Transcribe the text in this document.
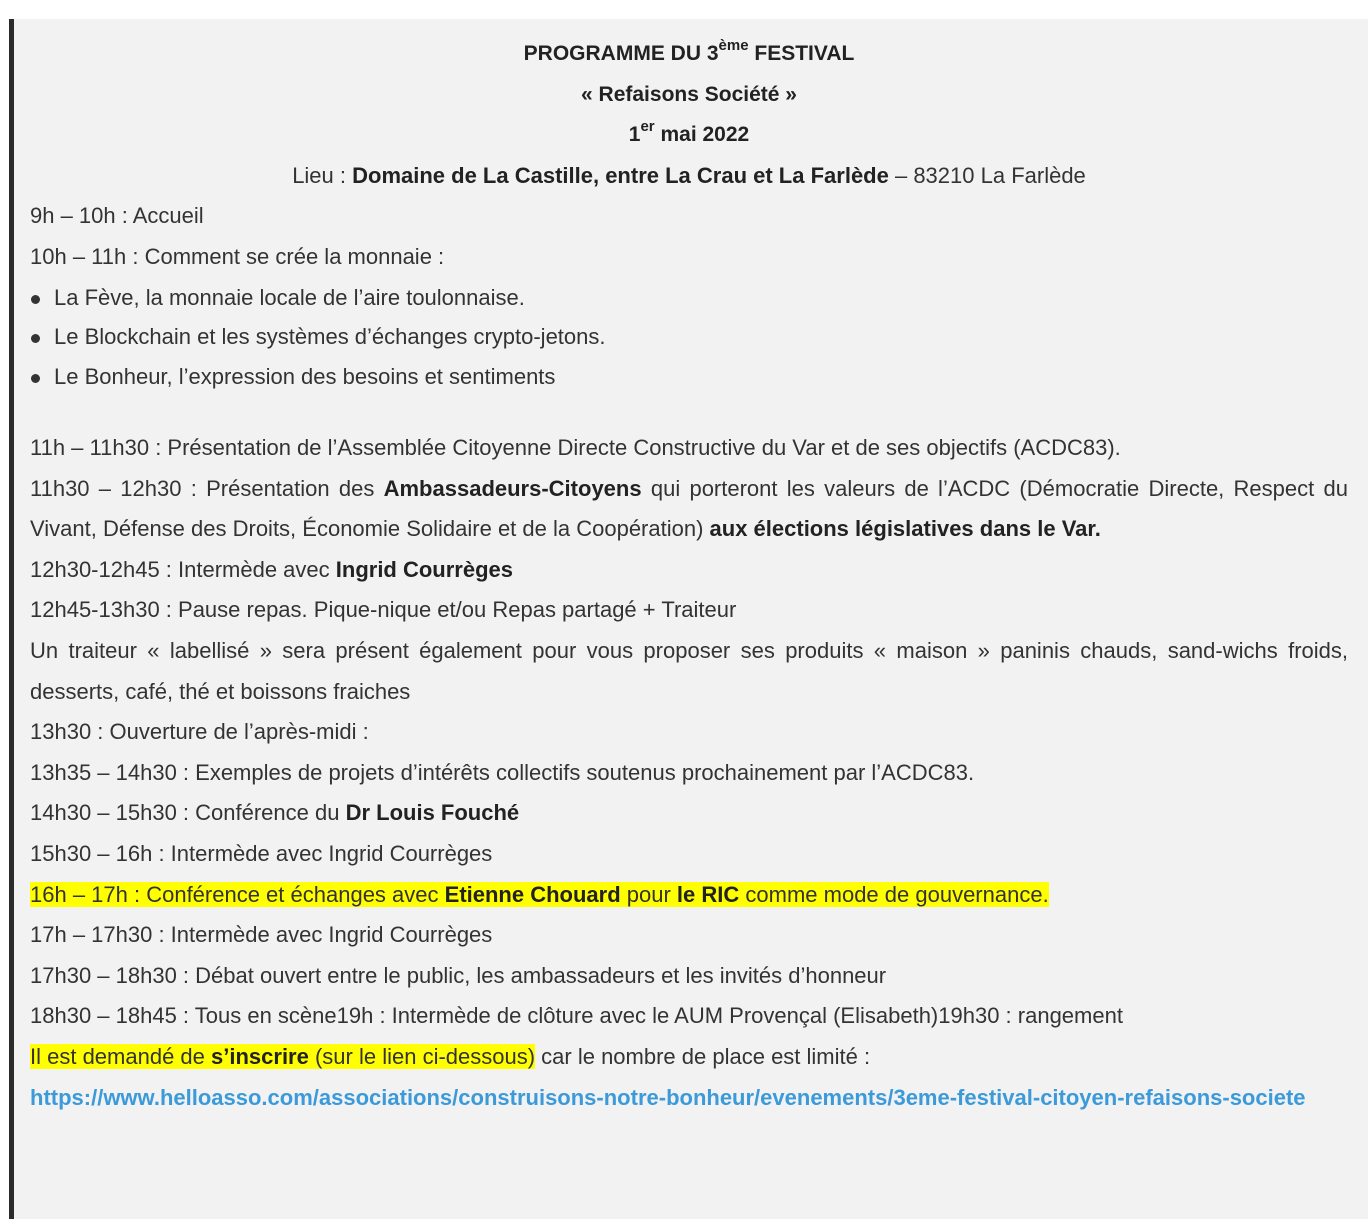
PROGRAMME DU 3ème FESTIVAL
« Refaisons Société »
1er mai 2022
Lieu : Domaine de La Castille, entre La Crau et La Farlède – 83210 La Farlède
9h – 10h : Accueil
10h – 11h : Comment se crée la monnaie :
La Fève, la monnaie locale de l’aire toulonnaise.
Le Blockchain et les systèmes d’échanges crypto-jetons.
Le Bonheur, l’expression des besoins et sentiments
11h – 11h30 : Présentation de l’Assemblée Citoyenne Directe Constructive du Var et de ses objectifs (ACDC83).
11h30 – 12h30 : Présentation des Ambassadeurs-Citoyens qui porteront les valeurs de l’ACDC (Démocratie Directe, Respect du Vivant, Défense des Droits, Économie Solidaire et de la Coopération) aux élections législatives dans le Var.
12h30-12h45 : Intermède avec Ingrid Courrèges
12h45-13h30 : Pause repas. Pique-nique et/ou Repas partagé + Traiteur
Un traiteur « labellisé » sera présent également pour vous proposer ses produits « maison » paninis chauds, sand-wichs froids, desserts, café, thé et boissons fraiches
13h30 : Ouverture de l’après-midi :
13h35 – 14h30 : Exemples de projets d’intérêts collectifs soutenus prochainement par l’ACDC83.
14h30 – 15h30 : Conférence du Dr Louis Fouché
15h30 – 16h : Intermède avec Ingrid Courrèges
16h – 17h : Conférence et échanges avec Etienne Chouard pour le RIC comme mode de gouvernance.
17h – 17h30 : Intermède avec Ingrid Courrèges
17h30 – 18h30 : Débat ouvert entre le public, les ambassadeurs et les invités d’honneur
18h30 – 18h45 : Tous en scène19h : Intermède de clôture avec le AUM Provençal (Elisabeth)19h30 : rangement
Il est demandé de s’inscrire (sur le lien ci-dessous) car le nombre de place est limité :
https://www.helloasso.com/associations/construisons-notre-bonheur/evenements/3eme-festival-citoyen-refaisons-societe
